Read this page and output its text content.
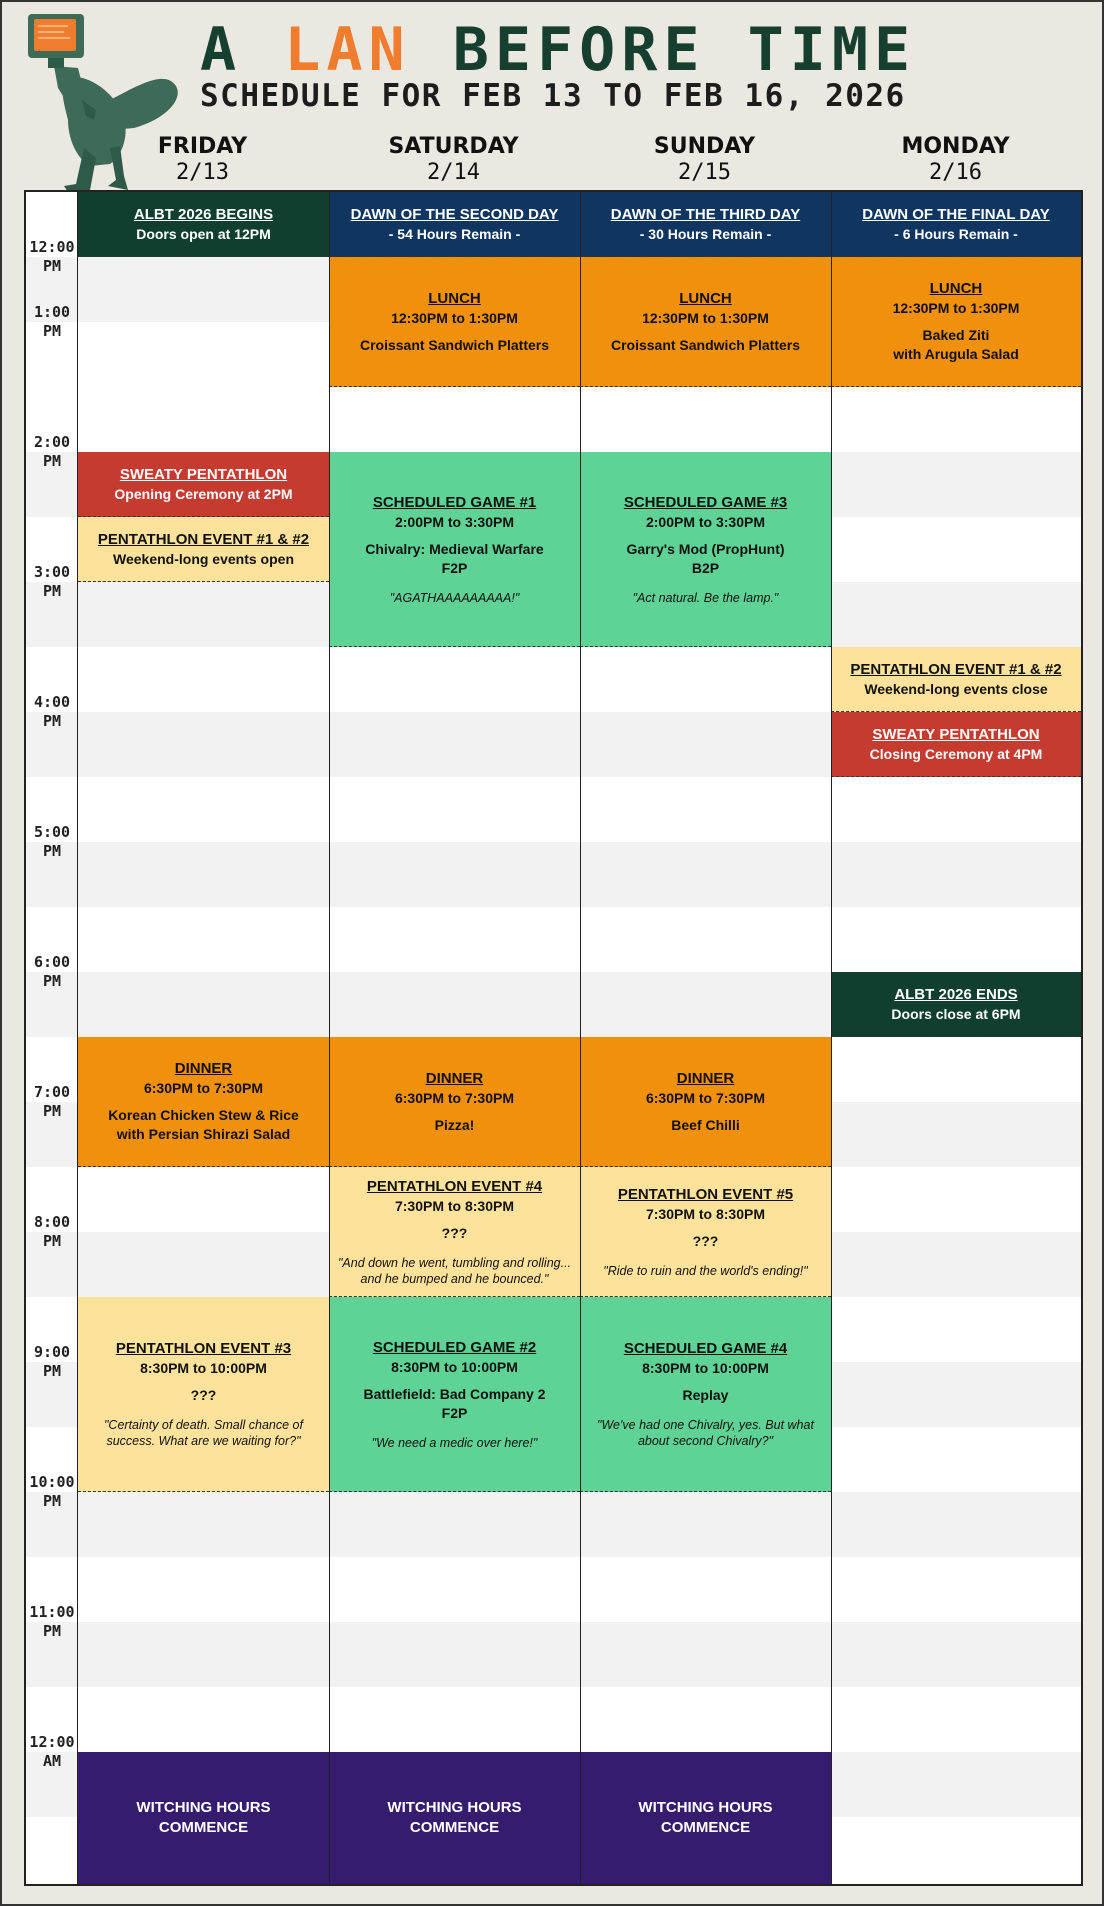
A LAN BEFORE TIME
SCHEDULE FOR FEB 13 TO FEB 16, 2026
FRIDAY
2/13
SATURDAY
2/14
SUNDAY
2/15
MONDAY
2/16
12:00
PM
1:00
PM
2:00
PM
3:00
PM
4:00
PM
5:00
PM
6:00
PM
7:00
PM
8:00
PM
9:00
PM
10:00
PM
11:00
PM
12:00
AM
ALBT 2026 BEGINS
Doors open at 12PM
SWEATY PENTATHLON
Opening Ceremony at 2PM
PENTATHLON EVENT #1 & #2
Weekend-long events open
DINNER
6:30PM to 7:30PM
Korean Chicken Stew & Rice
with Persian Shirazi Salad
PENTATHLON EVENT #3
8:30PM to 10:00PM
???
"Certainty of death. Small chance of
success. What are we waiting for?"
WITCHING HOURS
COMMENCE
DAWN OF THE SECOND DAY
- 54 Hours Remain -
LUNCH
12:30PM to 1:30PM
Croissant Sandwich Platters
SCHEDULED GAME #1
2:00PM to 3:30PM
Chivalry: Medieval Warfare
F2P
"AGATHAAAAAAAAA!"
DINNER
6:30PM to 7:30PM
Pizza!
PENTATHLON EVENT #4
7:30PM to 8:30PM
???
"And down he went, tumbling and rolling...
and he bumped and he bounced."
SCHEDULED GAME #2
8:30PM to 10:00PM
Battlefield: Bad Company 2
F2P
"We need a medic over here!"
WITCHING HOURS
COMMENCE
DAWN OF THE THIRD DAY
- 30 Hours Remain -
LUNCH
12:30PM to 1:30PM
Croissant Sandwich Platters
SCHEDULED GAME #3
2:00PM to 3:30PM
Garry's Mod (PropHunt)
B2P
"Act natural. Be the lamp."
DINNER
6:30PM to 7:30PM
Beef Chilli
PENTATHLON EVENT #5
7:30PM to 8:30PM
???
"Ride to ruin and the world's ending!"
SCHEDULED GAME #4
8:30PM to 10:00PM
Replay
"We've had one Chivalry, yes. But what
about second Chivalry?"
WITCHING HOURS
COMMENCE
DAWN OF THE FINAL DAY
- 6 Hours Remain -
LUNCH
12:30PM to 1:30PM
Baked Ziti
with Arugula Salad
PENTATHLON EVENT #1 & #2
Weekend-long events close
SWEATY PENTATHLON
Closing Ceremony at 4PM
ALBT 2026 ENDS
Doors close at 6PM
